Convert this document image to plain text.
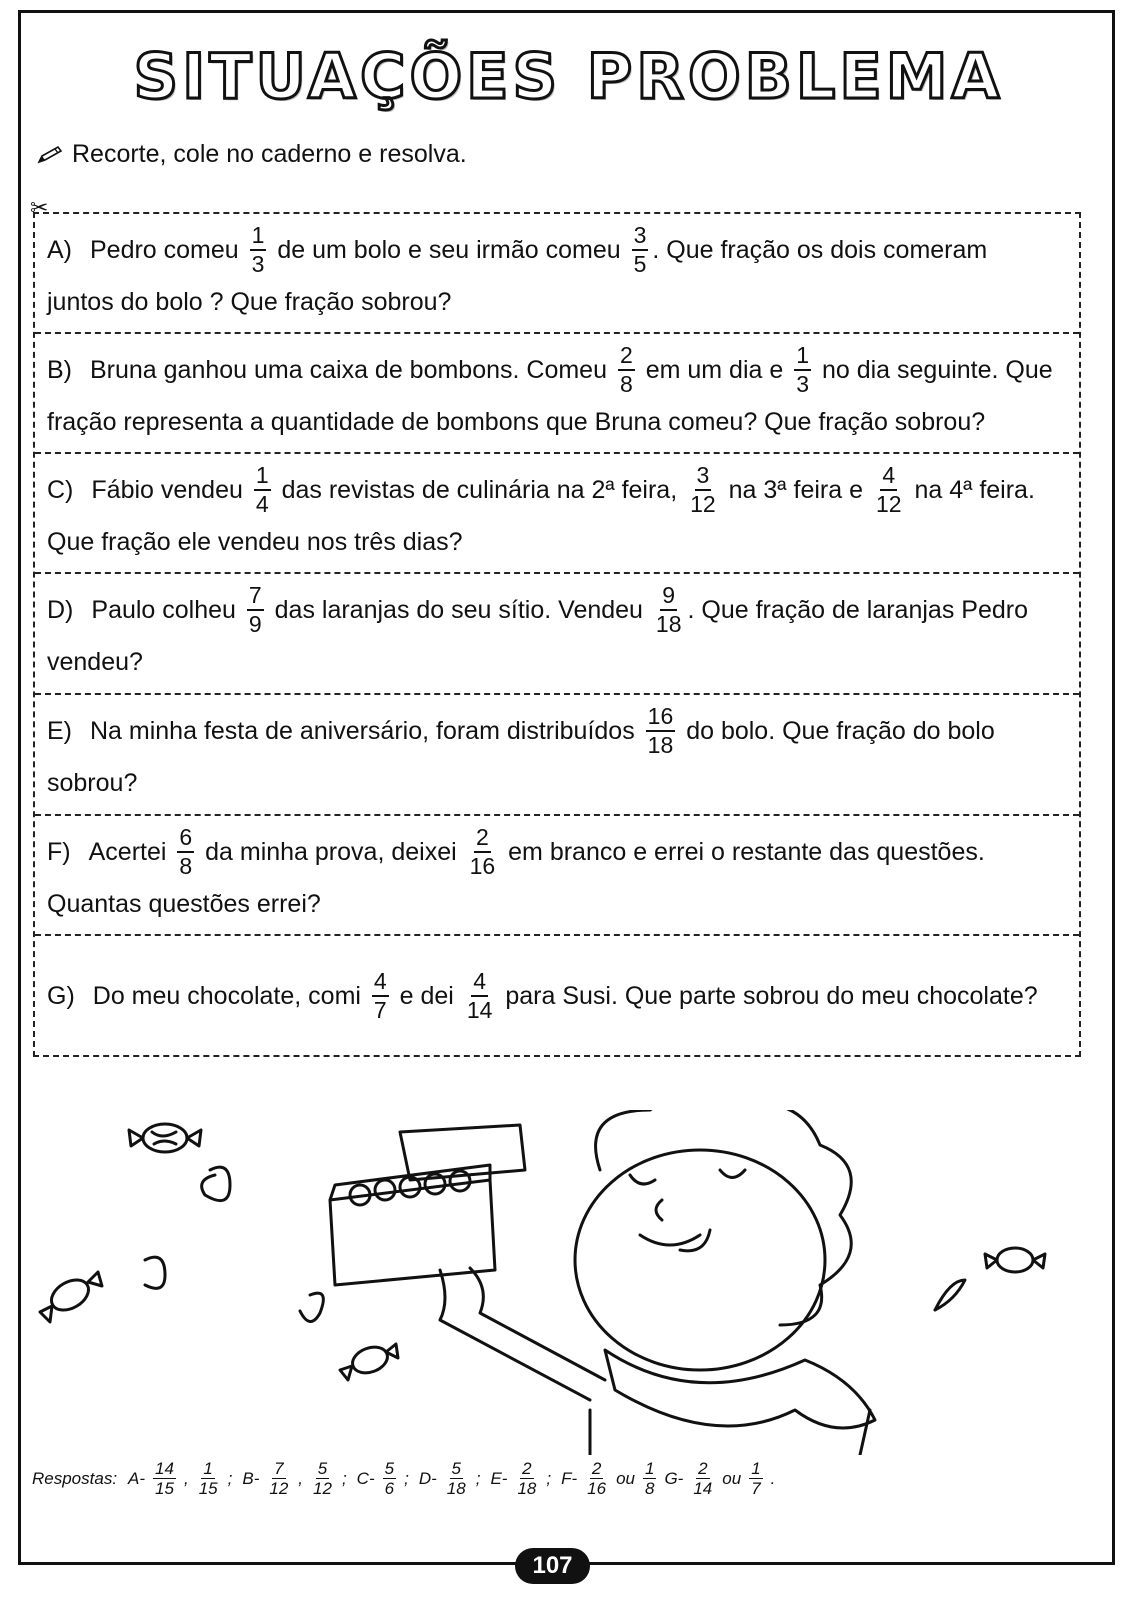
SITUAÇÕES PROBLEMA
Recorte, cole no caderno e resolva.
✂
A) Pedro comeu $\frac{1}{3}$ de um bolo e seu irmão comeu $\frac{3}{5}$ . Que fração os dois comeram
juntos do bolo ? Que fração sobrou?
B) Bruna ganhou uma caixa de bombons. Comeu $\frac{2}{8}$ em um dia e $\frac{1}{3}$ no dia seguinte. Que
fração representa a quantidade de bombons que Bruna comeu? Que fração sobrou?
C) Fábio vendeu $\frac{1}{4}$ das revistas de culinária na 2ª feira, $\frac{3}{12}$ na 3ª feira e $\frac{4}{12}$ na 4ª feira.
Que fração ele vendeu nos três dias?
D) Paulo colheu $\frac{7}{9}$ das laranjas do seu sítio. Vendeu $\frac{9}{18}$ . Que fração de laranjas Pedro
vendeu?
E) Na minha festa de aniversário, foram distribuídos $\frac{16}{18}$ do bolo. Que fração do bolo
sobrou?
F) Acertei $\frac{6}{8}$ da minha prova, deixei $\frac{2}{16}$ em branco e errei o restante das questões.
Quantas questões errei?
G) Do meu chocolate, comi $\frac{4}{7}$ e dei $\frac{4}{14}$ para Susi. Que parte sobrou do meu chocolate?
Respostas: $A- \frac{14}{15}$ , $\frac{1}{15}$ ; $B- \frac{7}{12}$ , $\frac{5}{12}$ ; $C- \frac{5}{6}$ ; $D- \frac{5}{18}$ ; $E- \frac{2}{18}$ ; $F- \frac{2}{16}$ ou $\frac{1}{8} G- \frac{2}{14}$ ou $\frac{1}{7}$ .
107
